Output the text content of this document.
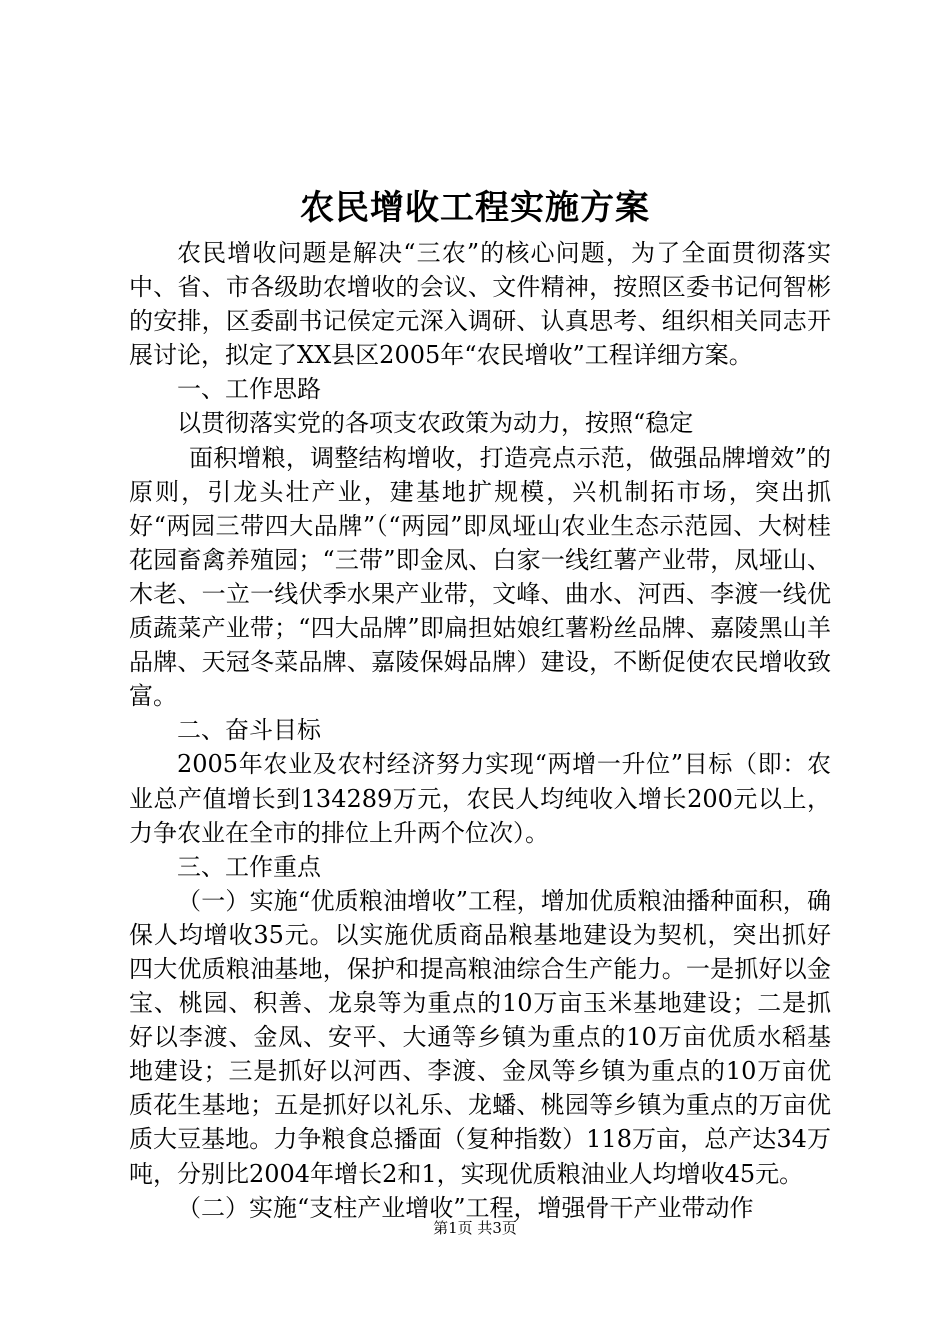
农民增收工程实施方案

农民增收问题是解决“三农”的核心问题，为了全面贯彻落实中、省、市各级助农增收的会议、文件精神，按照区委书记何智彬的安排，区委副书记侯定元深入调研、认真思考、组织相关同志开展讨论，拟定了XX县区2005年“农民增收”工程详细方案。

一、工作思路

以贯彻落实党的各项支农政策为动力，按照“稳定

面积增粮，调整结构增收，打造亮点示范，做强品牌增效”的原则，引龙头壮产业，建基地扩规模，兴机制拓市场，突出抓好“两园三带四大品牌”（“两园”即凤垭山农业生态示范园、大树桂花园畜禽养殖园；“三带”即金凤、白家一线红薯产业带，凤垭山、木老、一立一线伏季水果产业带，文峰、曲水、河西、李渡一线优质蔬菜产业带；“四大品牌”即扁担姑娘红薯粉丝品牌、嘉陵黑山羊品牌、天冠冬菜品牌、嘉陵保姆品牌）建设，不断促使农民增收致富。

二、奋斗目标

2005年农业及农村经济努力实现“两增一升位”目标（即：农业总产值增长到134289万元，农民人均纯收入增长200元以上，力争农业在全市的排位上升两个位次）。

三、工作重点

（一）实施“优质粮油增收”工程，增加优质粮油播种面积，确保人均增收35元。以实施优质商品粮基地建设为契机，突出抓好四大优质粮油基地，保护和提高粮油综合生产能力。一是抓好以金宝、桃园、积善、龙泉等为重点的10万亩玉米基地建设；二是抓好以李渡、金凤、安平、大通等乡镇为重点的10万亩优质水稻基地建设；三是抓好以河西、李渡、金凤等乡镇为重点的10万亩优质花生基地；五是抓好以礼乐、龙蟠、桃园等乡镇为重点的万亩优质大豆基地。力争粮食总播面（复种指数）118万亩，总产达34万吨，分别比2004年增长2和1，实现优质粮油业人均增收45元。

（二）实施“支柱产业增收”工程，增强骨干产业带动作

第1页 共3页
